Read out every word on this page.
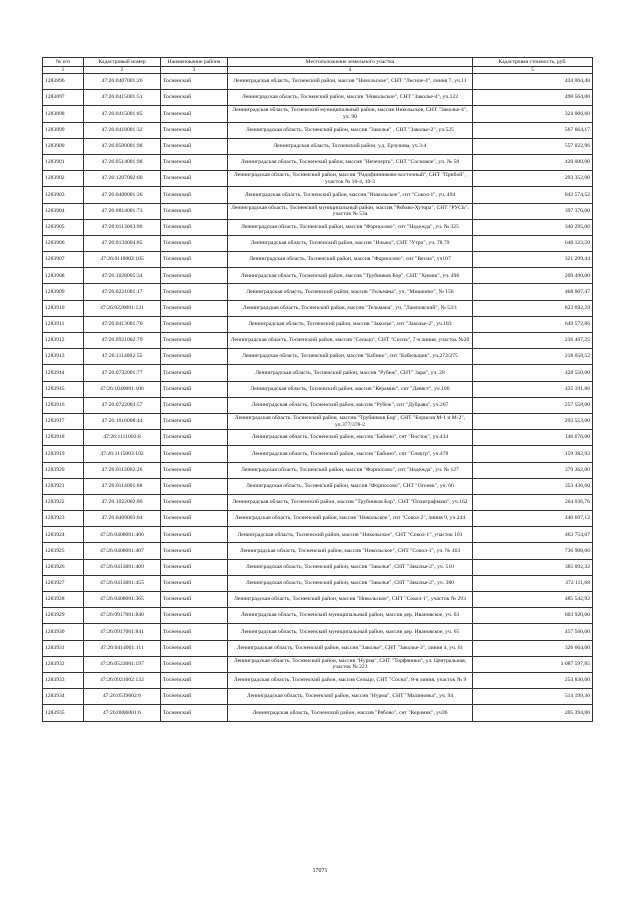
№ п/п	Кадастровый номер	Наименование района	Местоположение земельного участка	Кадастровая стоимость, руб.
1	2	3	4	5
1283896	47:26:0407001:26	Тосненский	Ленинградская область, Тосненский район, массив "Никольское", СНТ "Лесное-4", линия 7, уч.11	434 004,48
1283897	47:26:0415001:51	Тосненский	Ленинградская область, Тосненский район, массив "Никольское", СНТ "Заколье-4", уч.122	498 564,00
1283898	47:26:0415001:85	Тосненский	Ленинградская область, Тосненский муниципальный район, массив Никольское, СНТ "Заколье-4", уч. 90	324 066,60
1283899	47:26:0418001:32	Тосненский	Ленинградская область, Тосненский район, массив "Заколье" , СНТ "Заколье-2", уч.525	567 664,17
1283900	47:26:0500001:98	Тосненский	Ленинградская область, Тосненский район, у.д. Ерзунова, уч.3-4	557 022,96
1283901	47:26:0514001:98	Тосненский	Ленинградская область, Тосненский район, массив "Нечеперть", СНТ "Сосновое", уч. № 58	420 000,00
1283902	47:26:1207002:60	Тосненский	Ленинградская область, Тосненский район, массив "Радофинниково-восточный", СНТ "Прибой", участок № 10-4, 10-3	293 352,00
1283903	47:26:0408001:36	Тосненский	Ленинградская область, Тосненский район, массив "Никольское", снт "Сокол-1", уч. 494	842 574,52
1283904	47:26:0814001:73	Тосненский	Ленинградская область, Тосненский муниципальный район, массив "Рябово-Хутора", СНТ "РУСЬ", участок № 53а	397 370,00
1283905	47:26:0113003:90	Тосненский	Ленинградская область, Тосненский район, массив "Форносово", снт "Надежда", уч. № 325	340 295,06
1283906	47:26:0134004:85	Тосненский	Ленинградская область, Тосненский район, массив "Ильжо", СНТ "Утро", уч. 78,79	648 123,50
1283907	47:26:0110002:105	Тосненский	Ленинградская область, Тосненский район, массив "Форносово", снт "Весна", уч107	321 299,44
1283908	47:26:1028005:34	Тосненский	Ленинградская область, Тосненский район, массив "Трубников Бор", СНТ "Химик", уч. 496	209 490,00
1283909	47:26:0221001:17	Тосненский	Ленинградская область, Тосненский район, массив "Тельмана", уч. "Мишкино", № 156	468 007,47
1283910	47:26:0220001:121	Тосненский	Ленинградская область, Тосненский район, массив "Тельмана", уч. "Ламповский", № 53/1	823 692,29
1283911	47:26:0413001:70	Тосненский	Ленинградская область, Тосненский район, массив "Заколье", снт "Заколье-2", уч.183	649 572,86
1283912	47:26:0921002:79	Тосненский	Ленинградская область, Тосненский район, массив "Сельцо", СНТ "Сосна", 7-я линия, участок №20	236 467,25
1283913	47:26:1114002:55	Тосненский	Ленинградская область, Тосненский район, массив "Бабино", снт "Бабельщик", уч.273/275	218 058,52
1283914	47:26:0732001:77	Тосненский	Ленинградская область, Тосненский район, массив "Рубеж", СНТ" Заря", уч. 28	428 550,00
1283915	47:26:1040001:106	Тосненский	Ленинградская область, Тосненский район, массив "Керамик", снт "Девяст", уч.100	435 191,86
1283916	47:26:0722003:57	Тосненский	Ленинградская область, Тосненский район, массив "Рубеж", снт "Дубрава", уч.267	257 558,00
1283917	47:26:1016008:44	Тосненский	Ленинградская область, Тосненский район, массив "Трубников Бор", СНТ "Борисов М-1 и М-2", уч.377/378-2	293 553,00
1283918	47:26:1111003:8	Тосненский	Ленинградская область, Тосненский район, массив "Бабино", снт "Восток", уч.434	146 676,00
1283919	47:26:1115003:102	Тосненский	Ленинградская область, Тосненский район, массив "Бабино", снт "Спектр", уч.478	159 382,92
1283920	47:26:0113002:26	Тосненский	Ленинградская область, Тосненский район, массив "Форносово", снт "Надежда", уч. № 127	379 362,00
1283921	47:26:0114001:68	Тосненский	Ленинградская область, Тосненский район, массив "Форносово", СНТ "Огонек", уч. 66	353 436,60
1283922	47:26:1022002:80	Тосненский	Ленинградская область, Тосненский район, массив "Трубников Бор", СНТ "Полиграфмаш", уч.162	264 036,76
1283923	47:26:0409003:84	Тосненский	Ленинградская область, Тосненский район, массив "Никольское", снт "Сокол-2", линия 9, уч.244	440 697,12
1283924	47:26:0408001:406	Тосненский	Ленинградская область, Тосненский район, массив "Никольское", СНТ "Сокол-1", участок 101	463 754,07
1283925	47:26:0408001:407	Тосненский	Ленинградская область, Тосненский район, массив "Никольское", СНТ "Сокол-1", уч. № 463	736 908,06
1283926	47:26:0413001:409	Тосненский	Ленинградская область, Тосненский район, массив "Заколье", СНТ "Заколье-2", уч. 510	385 092,32
1283927	47:26:0413001:455	Тосненский	Ленинградская область, Тосненский район, массив "Заколье", СНТ "Заколье-2", уч. 380	372 111,68
1283928	47:26:0408001:365	Тосненский	Ленинградская область, Тосненский район, массив "Никольское", СНТ "Сокол-1", участок № 293	485 542,92
1283929	47:26:0917001:840	Тосненский	Ленинградская область, Тосненский муниципальный район, массив дер. Ивановское, уч. 63	603 920,00
1283930	47:26:0917001:841	Тосненский	Ленинградская область, Тосненский муниципальный район, массив дер. Ивановское, уч. 65	457 560,00
1283931	47:26:0414001:111	Тосненский	Ленинградская область, Тосненский район, массив "Заколье", СНТ "Заколье-3", линия 4, уч. 61	326 664,00
1283932	47:26:0523001:197	Тосненский	Ленинградская область, Тосненский район, массив "Нурма", СНТ "Торфяники", ул. Центральная, участок № 223	1 087 597,85
1283933	47:26:0921002:132	Тосненский	Ленинградская область, Тосненский район, массив Сельцо, СНТ "Сосна", 8-я линия, участок № 9	254 830,00
1283934	47:26:0519002:6	Тосненский	Ленинградская область, Тосненский район, массив "Нурма", СНТ "Малиновка", уч. 94	514 199,36
1283935	47:26:0806001:6	Тосненский	Ленинградская область, Тосненский район, массив "Рябово", снт "Керамик", уч36	205 394,80
17071
